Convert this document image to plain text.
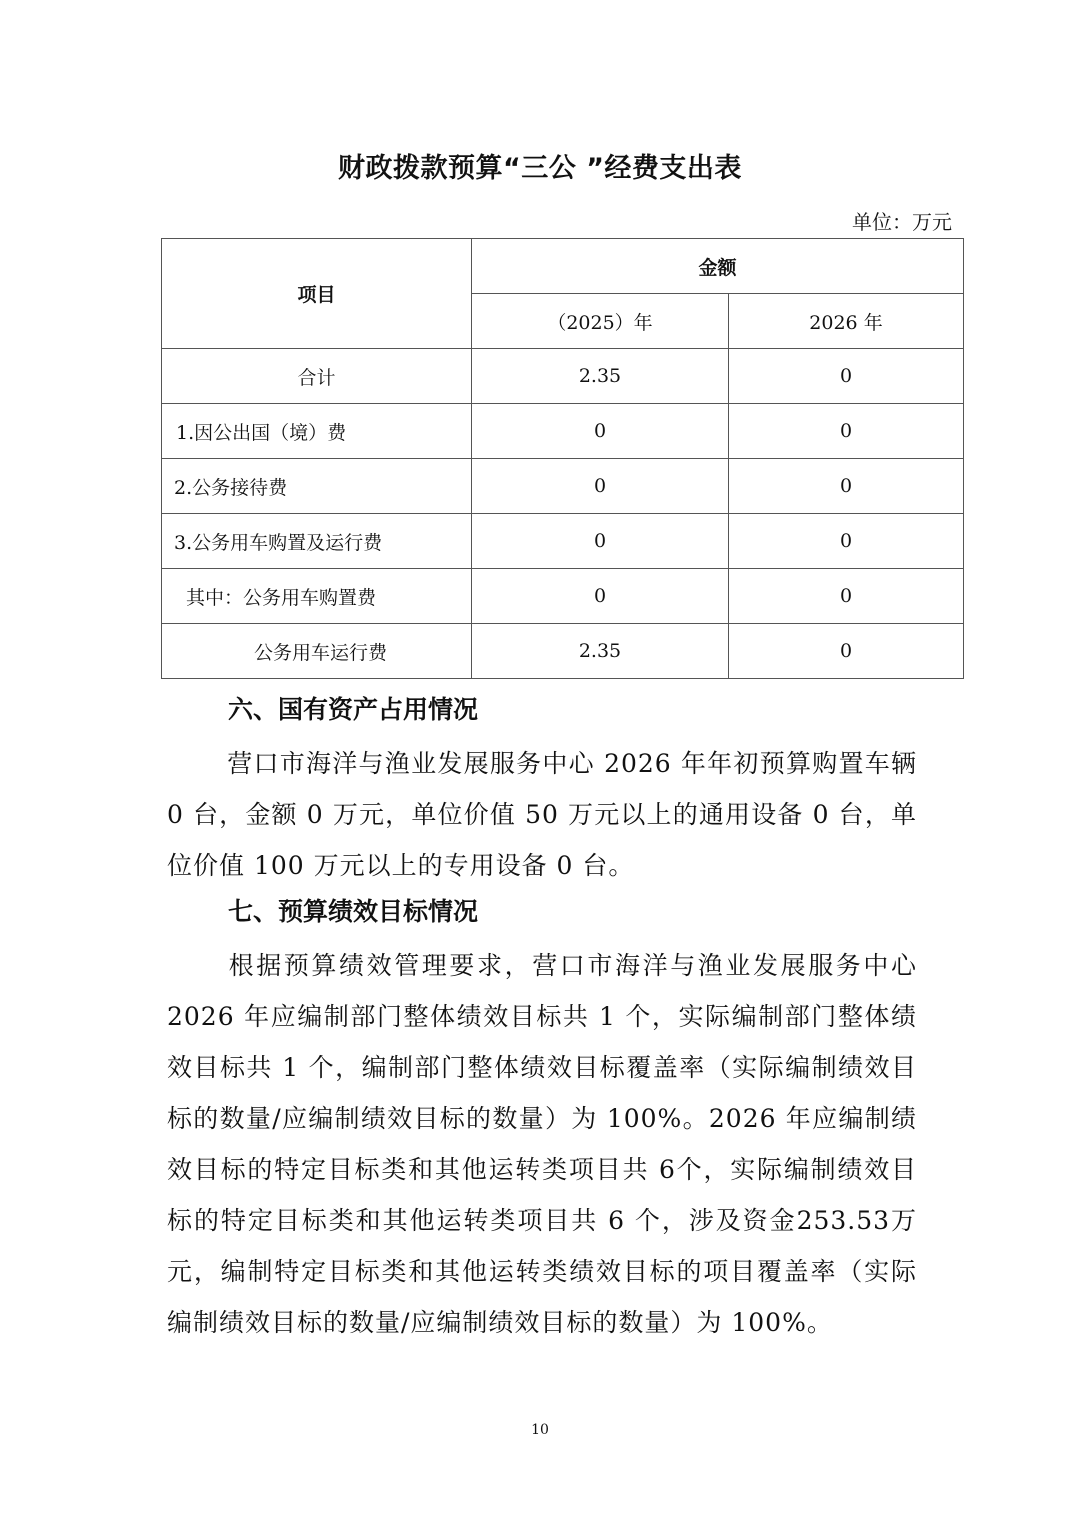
财政拨款预算“三公 ”经费支出表
单位：万元
项目	金额	
	（2025）年	2026 年
合计	2.35	0
1.因公出国（境）费	0	0
2.公务接待费	0	0
3.公务用车购置及运行费	0	0
其中：公务用车购置费	0	0
公务用车运行费	2.35	0
六、国有资产占用情况
营口市海洋与渔业发展服务中心 2026 年年初预算购置车辆 0 台，金额 0 万元，单位价值 50 万元以上的通用设备 0 台，单位价值 100 万元以上的专用设备 0 台。
七、预算绩效目标情况
根据预算绩效管理要求，营口市海洋与渔业发展服务中心 2026 年应编制部门整体绩效目标共 1 个，实际编制部门整体绩效目标共 1 个，编制部门整体绩效目标覆盖率（实际编制绩效目标的数量/应编制绩效目标的数量）为 100%。2026 年应编制绩效目标的特定目标类和其他运转类项目共 6个，实际编制绩效目标的特定目标类和其他运转类项目共 6 个，涉及资金253.53万元，编制特定目标类和其他运转类绩效目标的项目覆盖率（实际编制绩效目标的数量/应编制绩效目标的数量）为 100%。
10
